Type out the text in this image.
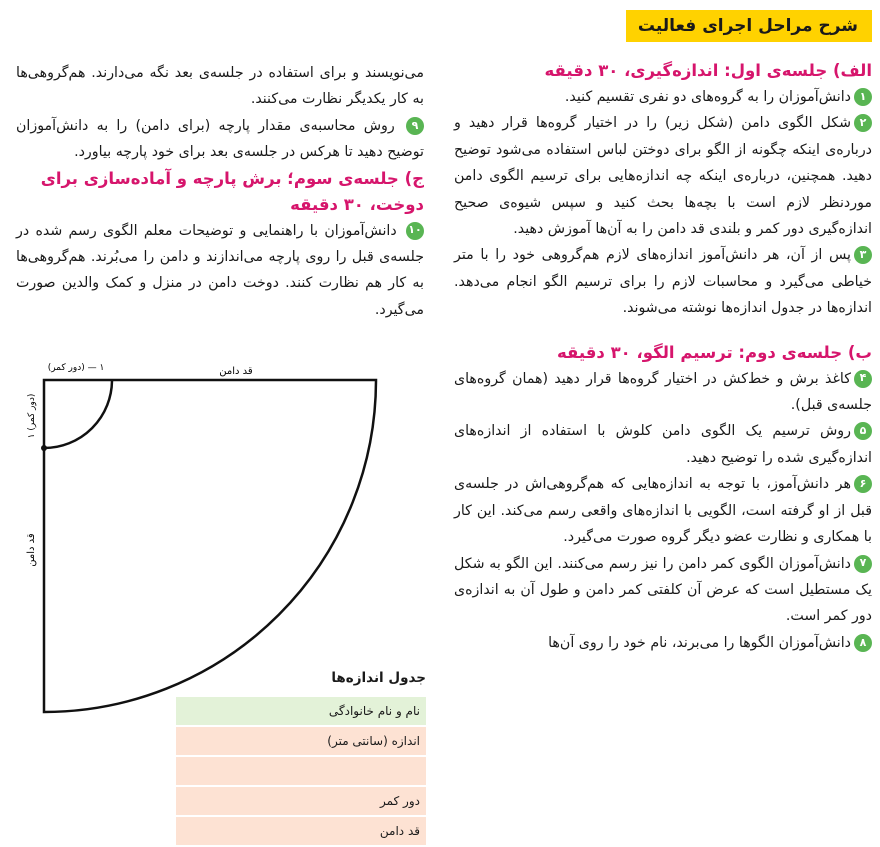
شرح مراحل اجرای فعالیت

الف) جلسه‌ی اول: اندازه‌گیری، ۳۰ دقیقه

۱دانش‌آموزان را به گروه‌های دو نفری تقسیم کنید.

۲شکل الگوی دامن (شکل زیر) را در اختیار گروه‌ها قرار دهید و درباره‌ی اینکه چگونه از الگو برای دوختن لباس استفاده می‌شود توضیح دهید. همچنین، درباره‌ی اینکه چه اندازه‌هایی برای ترسیم الگوی دامن موردنظر لازم است با بچه‌ها بحث کنید و سپس شیوه‌ی صحیح اندازه‌گیری دور کمر و بلندی قد دامن را به آن‌ها آموزش دهید.

۳پس از آن، هر دانش‌آموز اندازه‌های لازم هم‌گروهی خود را با متر خیاطی می‌گیرد و محاسبات لازم را برای ترسیم الگو انجام می‌دهد. اندازه‌ها در جدول اندازه‌ها نوشته می‌شوند.

ب) جلسه‌ی دوم: ترسیم الگو، ۳۰ دقیقه

۴کاغذ برش و خط‌کش در اختیار گروه‌ها قرار دهید (همان گروه‌های جلسه‌ی قبل).

۵روش ترسیم یک الگوی دامن کلوش با استفاده از اندازه‌های اندازه‌گیری شده را توضیح دهید.

۶هر دانش‌آموز، با توجه به اندازه‌هایی که هم‌گروهی‌اش در جلسه‌ی قبل از او گرفته است، الگویی با اندازه‌های واقعی رسم می‌کند. این کار با همکاری و نظارت عضو دیگر گروه صورت می‌گیرد.

۷دانش‌آموزان الگوی کمر دامن را نیز رسم می‌کنند. این الگو به شکل یک مستطیل است که عرض آن کلفتی کمر دامن و طول آن به اندازه‌ی دور کمر است.

۸دانش‌آموزان الگوها را می‌برند، نام خود را روی آن‌ها

می‌نویسند و برای استفاده در جلسه‌ی بعد نگه می‌دارند. هم‌گروهی‌ها به کار یکدیگر نظارت می‌کنند.

۹ روش محاسبه‌ی مقدار پارچه (برای دامن) را به دانش‌آموزان توضیح دهید تا هرکس در جلسه‌ی بعد برای خود پارچه بیاورد.

ج) جلسه‌ی سوم؛ برش پارچه و آماده‌سازی برای دوخت، ۳۰ دقیقه

۱۰ دانش‌آموزان با راهنمایی و توضیحات معلم الگوی رسم شده در جلسه‌ی قبل را روی پارچه می‌اندازند و دامن را می‌بُرند. هم‌گروهی‌ها به کار هم نظارت کنند. دوخت دامن در منزل و کمک والدین صورت می‌گیرد.

قد دامن
۱ — (دور کمر)
قد دامن
(دور کمر) ۱
جدول اندازه‌ها
نام و نام خانوادگی	
اندازه (سانتی متر)	

دور کمر	
قد دامن	
